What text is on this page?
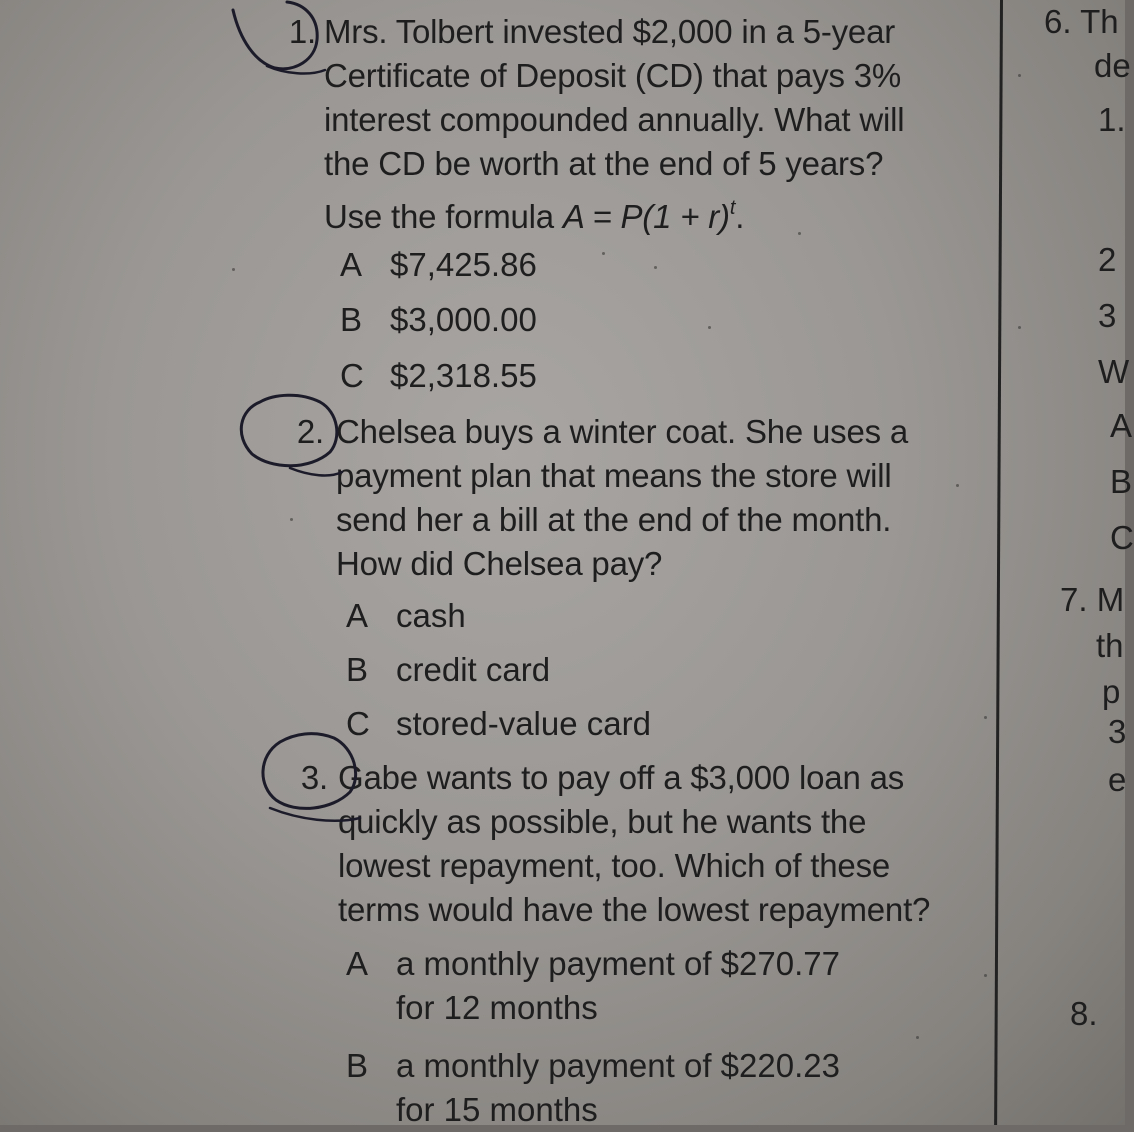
1. Mrs. Tolbert invested $2,000 in a 5-year
Certificate of Deposit (CD) that pays 3%
interest compounded annually. What will
the CD be worth at the end of 5 years?
Use the formula $A = P(1 + r)^t$.
A $7,425.86
B $3,000.00
C $2,318.55
2. Chelsea buys a winter coat. She uses a
payment plan that means the store will
send her a bill at the end of the month.
How did Chelsea pay?
A cash
B credit card
C stored-value card
3. Gabe wants to pay off a $3,000 loan as
quickly as possible, but he wants the
lowest repayment, too. Which of these
terms would have the lowest repayment?
A a monthly payment of $270.77
for 12 months
B a monthly payment of $220.23
for 15 months
6. Th
de
1.
2
3
W
A
B
C
7. M
th
p
3
e
8.
